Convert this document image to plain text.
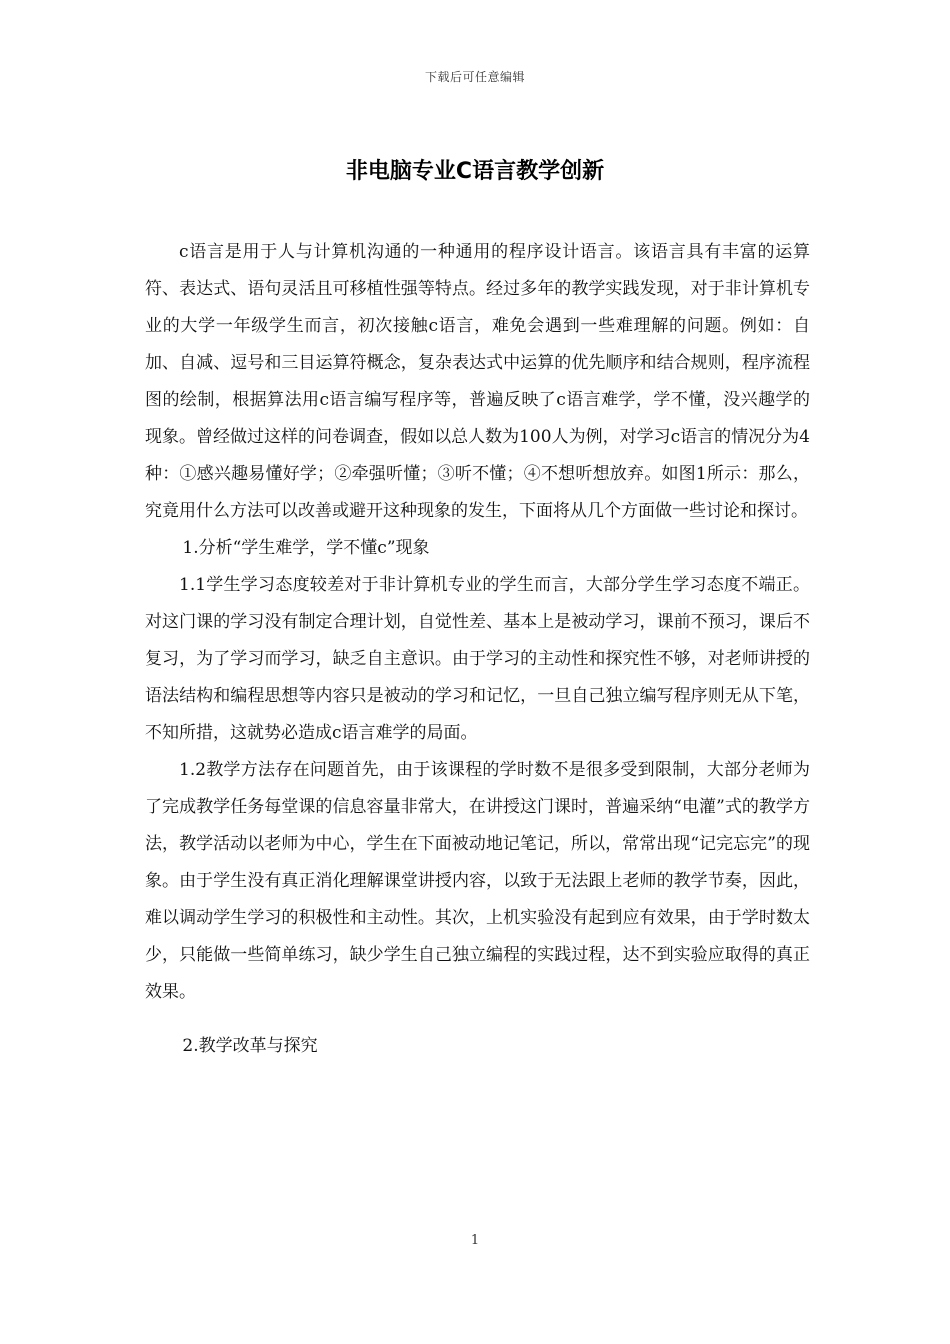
下载后可任意编辑
非电脑专业C语言教学创新

c语言是用于人与计算机沟通的一种通用的程序设计语言。该语言具有丰富的运算符、表达式、语句灵活且可移植性强等特点。经过多年的教学实践发现，对于非计算机专业的大学一年级学生而言，初次接触c语言，难免会遇到一些难理解的问题。例如：自加、自减、逗号和三目运算符概念，复杂表达式中运算的优先顺序和结合规则，程序流程图的绘制，根据算法用c语言编写程序等，普遍反映了c语言难学，学不懂，没兴趣学的现象。曾经做过这样的问卷调查，假如以总人数为100人为例，对学习c语言的情况分为4种：①感兴趣易懂好学；②牵强听懂；③听不懂；④不想听想放弃。如图1所示：那么，究竟用什么方法可以改善或避开这种现象的发生，下面将从几个方面做一些讨论和探讨。

1.分析“学生难学，学不懂c”现象

1.1学生学习态度较差对于非计算机专业的学生而言，大部分学生学习态度不端正。对这门课的学习没有制定合理计划，自觉性差、基本上是被动学习，课前不预习，课后不复习，为了学习而学习，缺乏自主意识。由于学习的主动性和探究性不够，对老师讲授的语法结构和编程思想等内容只是被动的学习和记忆，一旦自己独立编写程序则无从下笔，不知所措，这就势必造成c语言难学的局面。

1.2教学方法存在问题首先，由于该课程的学时数不是很多受到限制，大部分老师为了完成教学任务每堂课的信息容量非常大，在讲授这门课时，普遍采纳“电灌”式的教学方法，教学活动以老师为中心，学生在下面被动地记笔记，所以，常常出现“记完忘完”的现象。由于学生没有真正消化理解课堂讲授内容，以致于无法跟上老师的教学节奏，因此，难以调动学生学习的积极性和主动性。其次，上机实验没有起到应有效果，由于学时数太少，只能做一些简单练习，缺少学生自己独立编程的实践过程，达不到实验应取得的真正效果。

2.教学改革与探究

1
